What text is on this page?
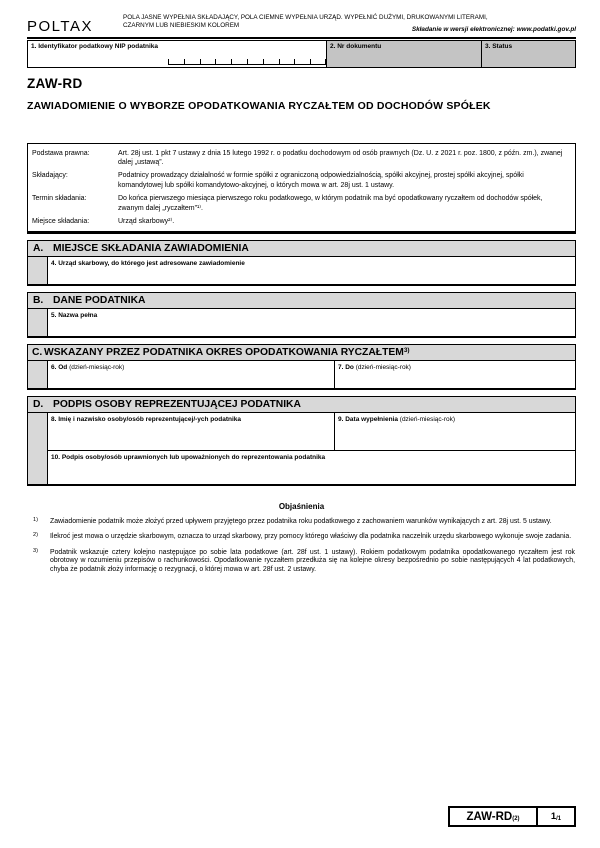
POLTAX
POLA JASNE WYPEŁNIA SKŁADAJĄCY, POLA CIEMNE WYPEŁNIA URZĄD. WYPEŁNIĆ DUŻYMI, DRUKOWANYMI LITERAMI, CZARNYM LUB NIEBIESKIM KOLOREM
Składanie w wersji elektronicznej: www.podatki.gov.pl
1. Identyfikator podatkowy NIP podatnika	2. Nr dokumentu	3. Status
ZAW-RD
ZAWIADOMIENIE O WYBORZE OPODATKOWANIA RYCZAŁTEM OD DOCHODÓW SPÓŁEK
Podstawa prawna:	Art. 28j ust. 1 pkt 7 ustawy z dnia 15 lutego 1992 r. o podatku dochodowym od osób prawnych (Dz. U. z 2021 r. poz. 1800, z późn. zm.), zwanej dalej „ustawą”.
Składający:	Podatnicy prowadzący działalność w formie spółki z ograniczoną odpowiedzialnością, spółki akcyjnej, prostej spółki akcyjnej, spółki komandytowej lub spółki komandytowo-akcyjnej, o których mowa w art. 28j ust. 1 ustawy.
Termin składania:	Do końca pierwszego miesiąca pierwszego roku podatkowego, w którym podatnik ma być opodatkowany ryczałtem od dochodów spółek, zwanym dalej „ryczałtem”¹⁾.
Miejsce składania:	Urząd skarbowy²⁾.
A. MIEJSCE SKŁADANIA ZAWIADOMIENIA
4. Urząd skarbowy, do którego jest adresowane zawiadomienie
B. DANE PODATNIKA
5. Nazwa pełna
C. WSKAZANY PRZEZ PODATNIKA OKRES OPODATKOWANIA RYCZAŁTEM$^{3)}$
6. Od (dzień-miesiąc-rok)	7. Do (dzień-miesiąc-rok)
D. PODPIS OSOBY REPREZENTUJĄCEJ PODATNIKA
8. Imię i nazwisko osoby/osób reprezentującej/-ych podatnika	9. Data wypełnienia (dzień-miesiąc-rok)
10. Podpis osoby/osób uprawnionych lub upoważnionych do reprezentowania podatnika
Objaśnienia
1)	Zawiadomienie podatnik może złożyć przed upływem przyjętego przez podatnika roku podatkowego z zachowaniem warunków wynikających z art. 28j ust. 5 ustawy.
2)	Ilekroć jest mowa o urzędzie skarbowym, oznacza to urząd skarbowy, przy pomocy którego właściwy dla podatnika naczelnik urzędu skarbowego wykonuje swoje zadania.
3)	Podatnik wskazuje cztery kolejno następujące po sobie lata podatkowe (art. 28f ust. 1 ustawy). Rokiem podatkowym podatnika opodatkowanego ryczałtem jest rok obrotowy w rozumieniu przepisów o rachunkowości. Opodatkowanie ryczałtem przedłuża się na kolejne okresy bezpośrednio po sobie następujących 4 lat podatkowych, chyba że podatnik złoży informację o rezygnacji, o której mowa w art. 28f ust. 2 ustawy.
ZAW-RD (2)	1 /1
